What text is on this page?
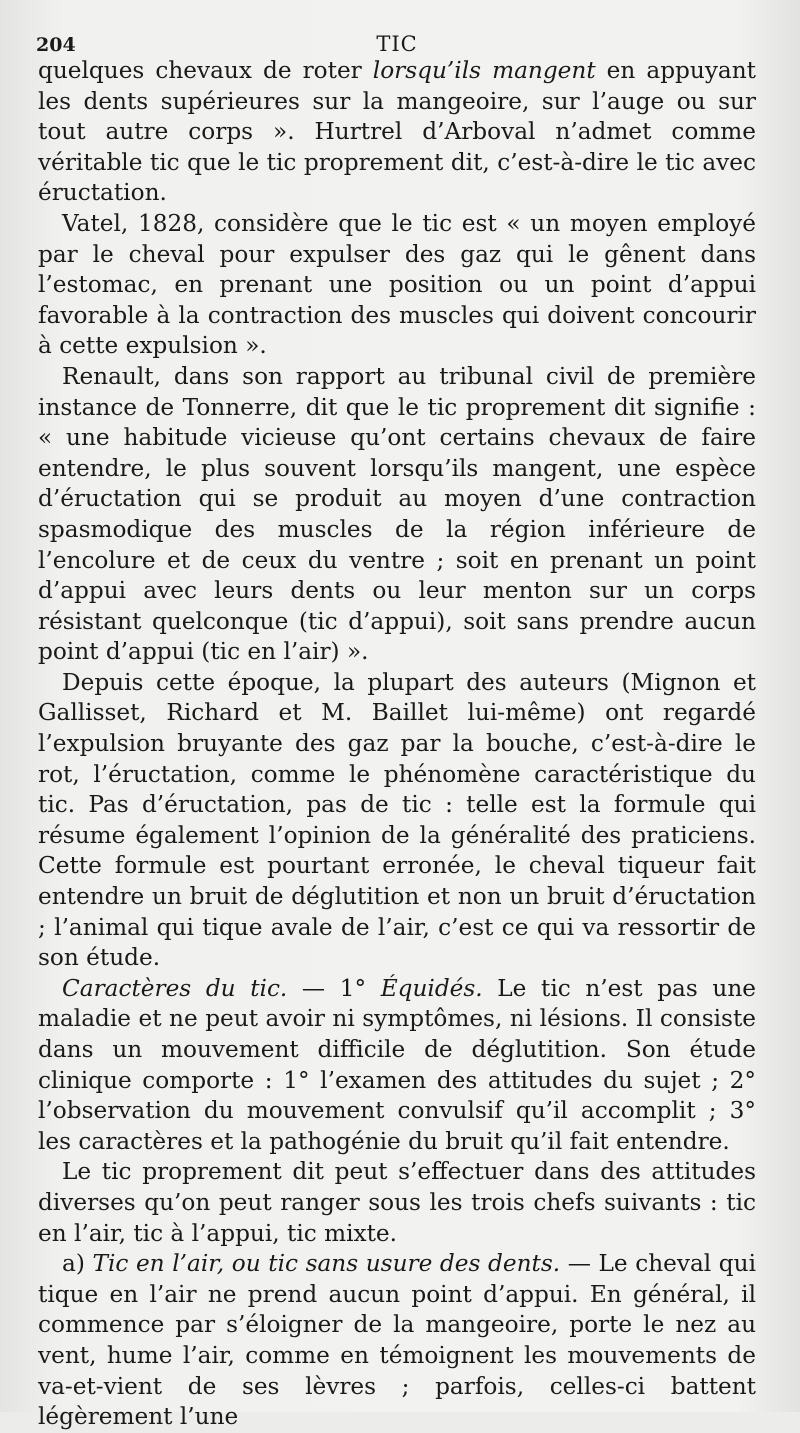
204	TIC

quelques chevaux de roter lorsqu’ils mangent en appuyant les dents supérieures sur la mangeoire, sur l’auge ou sur tout autre corps ». Hurtrel d’Arboval n’admet comme véritable tic que le tic proprement dit, c’est-à-dire le tic avec éructation.

Vatel, 1828, considère que le tic est « un moyen employé par le cheval pour expulser des gaz qui le gênent dans l’estomac, en prenant une position ou un point d’appui favorable à la contraction des muscles qui doivent concourir à cette expulsion ».

Renault, dans son rapport au tribunal civil de première instance de Tonnerre, dit que le tic proprement dit signifie : « une habitude vicieuse qu’ont certains chevaux de faire entendre, le plus souvent lorsqu’ils mangent, une espèce d’éructation qui se produit au moyen d’une contraction spasmodique des muscles de la région inférieure de l’encolure et de ceux du ventre ; soit en prenant un point d’appui avec leurs dents ou leur menton sur un corps résistant quelconque (tic d’appui), soit sans prendre aucun point d’appui (tic en l’air) ».

Depuis cette époque, la plupart des auteurs (Mignon et Gallisset, Richard et M. Baillet lui-même) ont regardé l’expulsion bruyante des gaz par la bouche, c’est-à-dire le rot, l’éructation, comme le phénomène caractéristique du tic. Pas d’éructation, pas de tic : telle est la formule qui résume également l’opinion de la généralité des praticiens. Cette formule est pourtant erronée, le cheval tiqueur fait entendre un bruit de déglutition et non un bruit d’éructation ; l’animal qui tique avale de l’air, c’est ce qui va ressortir de son étude.

Caractères du tic. — 1° Équidés. Le tic n’est pas une maladie et ne peut avoir ni symptômes, ni lésions. Il consiste dans un mouvement difficile de déglutition. Son étude clinique comporte : 1° l’examen des attitudes du sujet ; 2° l’observation du mouvement convulsif qu’il accomplit ; 3° les caractères et la pathogénie du bruit qu’il fait entendre.

Le tic proprement dit peut s’effectuer dans des attitudes diverses qu’on peut ranger sous les trois chefs suivants : tic en l’air, tic à l’appui, tic mixte.

a) Tic en l’air, ou tic sans usure des dents. — Le cheval qui tique en l’air ne prend aucun point d’appui. En général, il commence par s’éloigner de la mangeoire, porte le nez au vent, hume l’air, comme en témoignent les mouvements de va-et-vient de ses lèvres ; parfois, celles-ci battent légèrement l’une
